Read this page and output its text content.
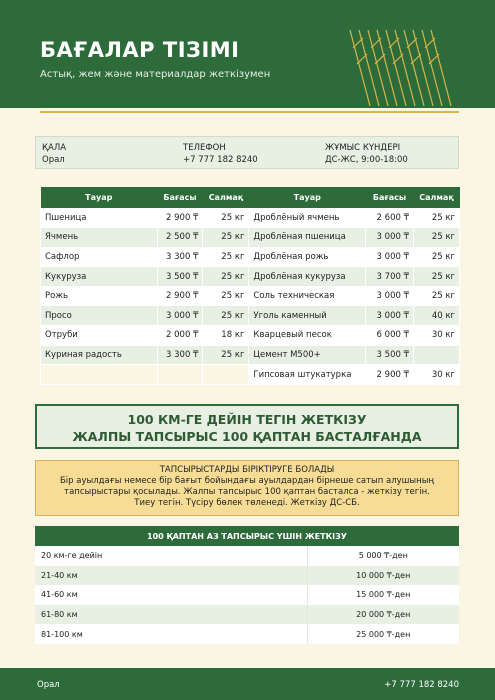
БАҒАЛАР ТІЗІМІ
Астық, жем және материалдар жеткізумен
ҚАЛА
Орал
ТЕЛЕФОН
+7 777 182 8240
ЖҰМЫС КҮНДЕРІ
ДС-ЖС, 9:00-18:00
Тауар	Бағасы	Салмақ	Тауар	Бағасы	Салмақ
Пшеница	2 900 ₸	25 кг	Дроблёный ячмень	2 600 ₸	25 кг
Ячмень	2 500 ₸	25 кг	Дроблёная пшеница	3 000 ₸	25 кг
Сафлор	3 300 ₸	25 кг	Дроблёная рожь	3 000 ₸	25 кг
Кукуруза	3 500 ₸	25 кг	Дроблёная кукуруза	3 700 ₸	25 кг
Рожь	2 900 ₸	25 кг	Соль техническая	3 000 ₸	25 кг
Просо	3 000 ₸	25 кг	Уголь каменный	3 000 ₸	40 кг
Отруби	2 000 ₸	18 кг	Кварцевый песок	6 000 ₸	30 кг
Куриная радость	3 300 ₸	25 кг	Цемент М500+	3 500 ₸	
			Гипсовая штукатурка	2 900 ₸	30 кг
100 КМ-ГЕ ДЕЙІН ТЕГІН ЖЕТКІЗУ
ЖАЛПЫ ТАПСЫРЫС 100 ҚАПТАН БАСТАЛҒАНДА
ТАПСЫРЫСТАРДЫ БІРІКТІРУГЕ БОЛАДЫ
Бір ауылдағы немесе бір бағыт бойындағы ауылдардан бірнеше сатып алушының
тапсырыстары қосылады. Жалпы тапсырыс 100 қаптан басталса - жеткізу тегін.
Тиеу тегін. Түсіру бөлек төленеді. Жеткізу ДС-СБ.
100 ҚАПТАН АЗ ТАПСЫРЫС ҮШІН ЖЕТКІЗУ	
20 км-ге дейін	5 000 ₸-ден
21-40 км	10 000 ₸-ден
41-60 км	15 000 ₸-ден
61-80 км	20 000 ₸-ден
81-100 км	25 000 ₸-ден
Орал	+7 777 182 8240
